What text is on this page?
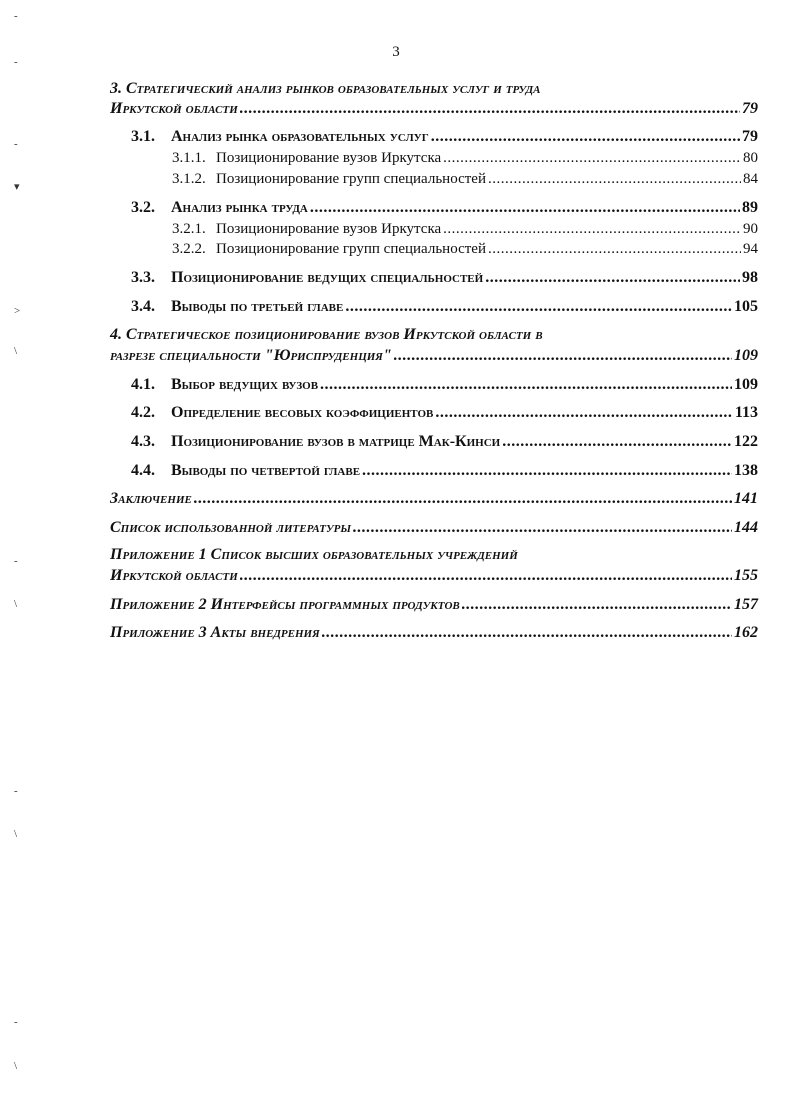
3
3. Стратегический анализ рынков образовательных услуг и труда
Иркутской области .....	79
3.1.	Анализ рынка образовательных услуг .....	79
3.1.1. Позиционирование вузов Иркутска .....	80
3.1.2. Позиционирование групп специальностей .....	84
3.2.	Анализ рынка труда .....	89
3.2.1. Позиционирование вузов Иркутска .....	90
3.2.2. Позиционирование групп специальностей .....	94
3.3.	Позиционирование ведущих специальностей .....	98
3.4.	Выводы по третьей главе .....	105
4. Стратегическое позиционирование вузов Иркутской области в
разрезе специальности "Юриспруденция" .....	109
4.1.	Выбор ведущих вузов .....	109
4.2.	Определение весовых коэффициентов .....	113
4.3.	Позиционирование вузов в матрице Мак-Кинси .....	122
4.4.	Выводы по четвертой главе .....	138
Заключение .....	141
Список использованной литературы .....	144
Приложение 1 Список высших образовательных учреждений
Иркутской области .....	155
Приложение 2 Интерфейсы программных продуктов .....	157
Приложение 3 Акты внедрения .....	162
-
-
-
▾
>
\
-
\
-
\
-
\
